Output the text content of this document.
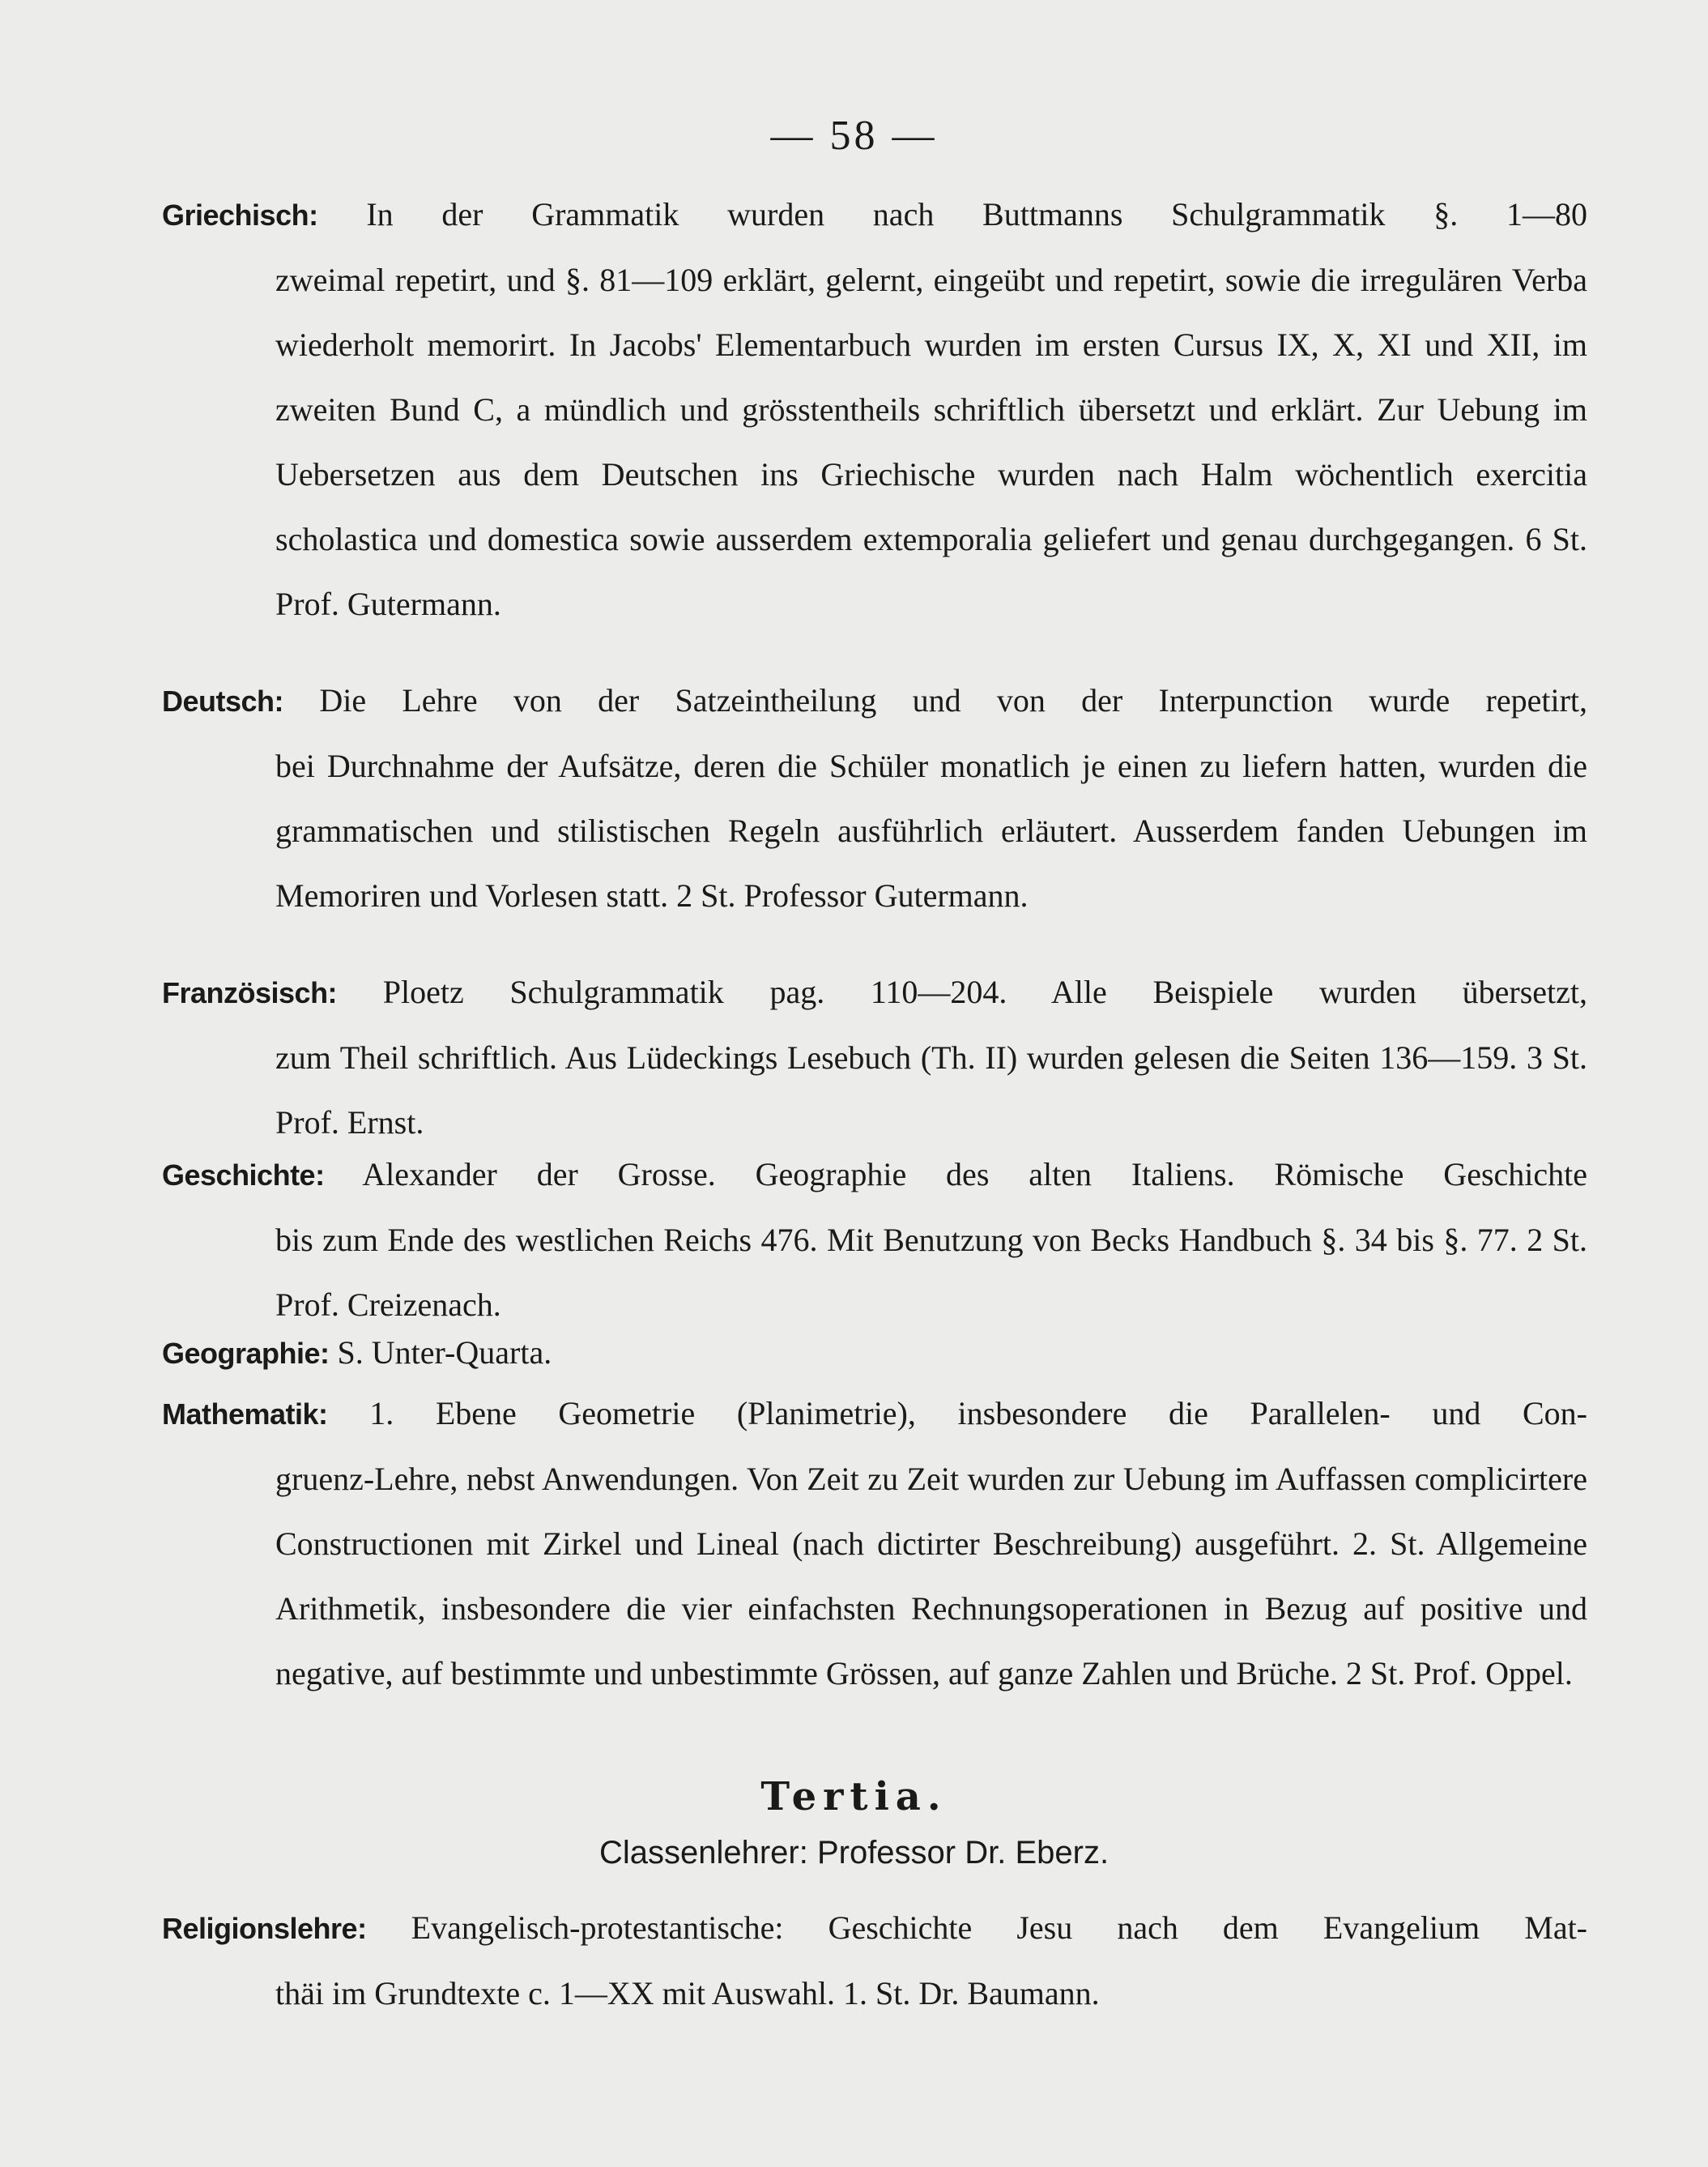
— 58 —
Griechisch: In der Grammatik wurden nach Buttmanns Schulgrammatik §. 1—80
zweimal repetirt, und §. 81—109 erklärt, gelernt, eingeübt und repetirt, sowie die irregulären Verba wiederholt memorirt. In Jacobs' Elementarbuch wurden im ersten Cursus IX, X, XI und XII, im zweiten Bund C, a mündlich und grösstentheils schriftlich übersetzt und erklärt. Zur Uebung im Uebersetzen aus dem Deutschen ins Griechische wurden nach Halm wöchentlich exercitia scholastica und domestica sowie ausserdem extemporalia geliefert und genau durchgegangen. 6 St. Prof. Gutermann.
Deutsch: Die Lehre von der Satzeintheilung und von der Interpunction wurde repetirt,
bei Durchnahme der Aufsätze, deren die Schüler monatlich je einen zu liefern hatten, wurden die grammatischen und stilistischen Regeln ausführlich erläutert. Ausserdem fanden Uebungen im Memoriren und Vorlesen statt. 2 St. Professor Gutermann.
Französisch: Ploetz Schulgrammatik pag. 110—204. Alle Beispiele wurden übersetzt,
zum Theil schriftlich. Aus Lüdeckings Lesebuch (Th. II) wurden gelesen die Seiten 136—159. 3 St. Prof. Ernst.
Geschichte: Alexander der Grosse. Geographie des alten Italiens. Römische Geschichte
bis zum Ende des westlichen Reichs 476. Mit Benutzung von Becks Handbuch §. 34 bis §. 77. 2 St. Prof. Creizenach.
Geographie: S. Unter-Quarta.
Mathematik: 1. Ebene Geometrie (Planimetrie), insbesondere die Parallelen- und Con-
gruenz-Lehre, nebst Anwendungen. Von Zeit zu Zeit wurden zur Uebung im Auffassen complicirtere Constructionen mit Zirkel und Lineal (nach dictirter Beschreibung) ausgeführt. 2. St. Allgemeine Arithmetik, insbesondere die vier einfachsten Rechnungsoperationen in Bezug auf positive und negative, auf bestimmte und unbestimmte Grössen, auf ganze Zahlen und Brüche. 2 St. Prof. Oppel.
Tertia.
Classenlehrer: Professor Dr. Eberz.
Religionslehre: Evangelisch-protestantische: Geschichte Jesu nach dem Evangelium Mat-
thäi im Grundtexte c. 1—XX mit Auswahl. 1. St. Dr. Baumann.
